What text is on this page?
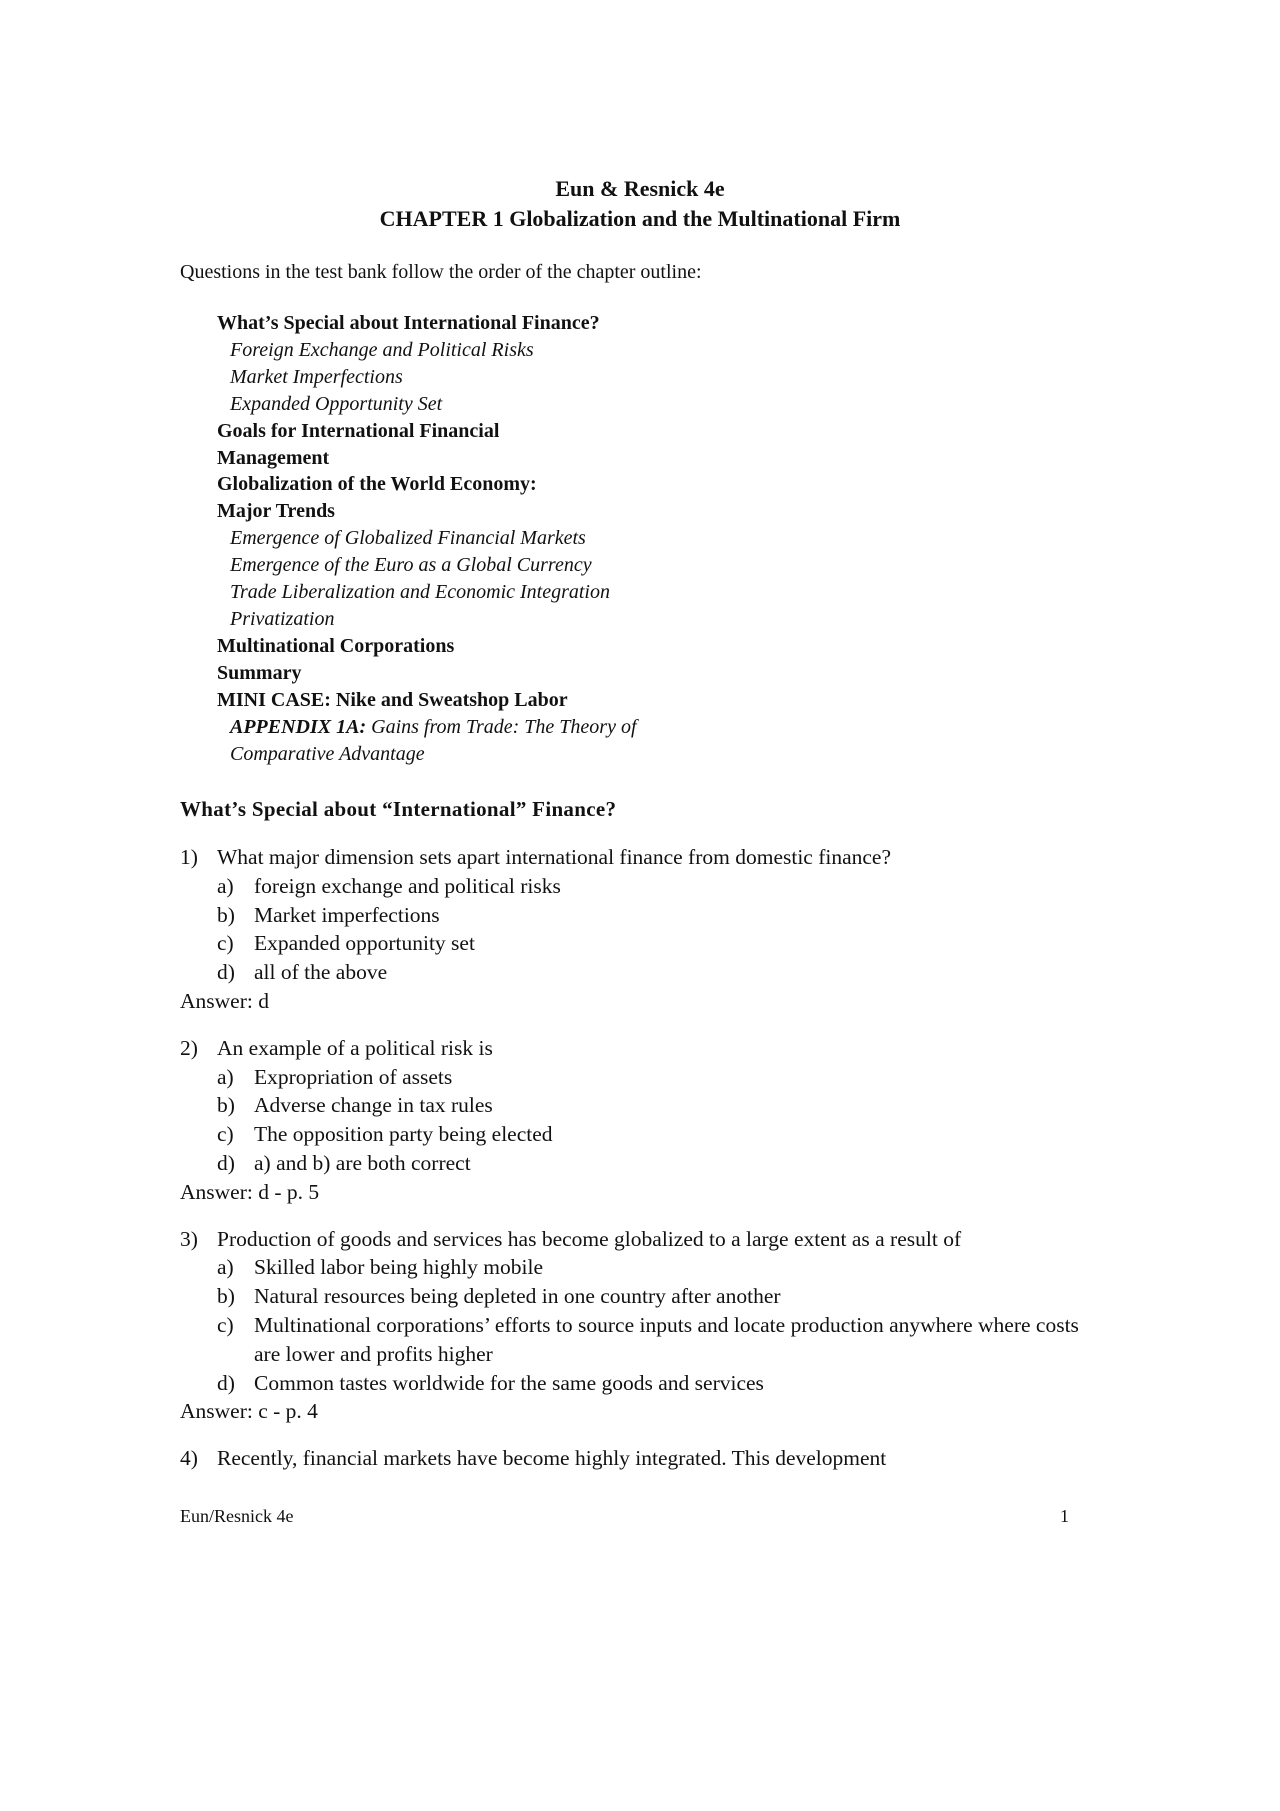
Eun & Resnick 4e
CHAPTER 1 Globalization and the Multinational Firm
Questions in the test bank follow the order of the chapter outline:
What’s Special about International Finance?
Foreign Exchange and Political Risks
Market Imperfections
Expanded Opportunity Set
Goals for International Financial
Management
Globalization of the World Economy:
Major Trends
Emergence of Globalized Financial Markets
Emergence of the Euro as a Global Currency
Trade Liberalization and Economic Integration
Privatization
Multinational Corporations
Summary
MINI CASE: Nike and Sweatshop Labor
APPENDIX 1A: Gains from Trade: The Theory of
Comparative Advantage
What’s Special about “International” Finance?
1) What major dimension sets apart international finance from domestic finance?
a) foreign exchange and political risks
b) Market imperfections
c) Expanded opportunity set
d) all of the above
Answer: d
2) An example of a political risk is
a) Expropriation of assets
b) Adverse change in tax rules
c) The opposition party being elected
d) a) and b) are both correct
Answer: d - p. 5
3) Production of goods and services has become globalized to a large extent as a result of
a) Skilled labor being highly mobile
b) Natural resources being depleted in one country after another
c) Multinational corporations’ efforts to source inputs and locate production anywhere where costs are lower and profits higher
d) Common tastes worldwide for the same goods and services
Answer: c - p. 4
4) Recently, financial markets have become highly integrated. This development
Eun/Resnick 4e	1
